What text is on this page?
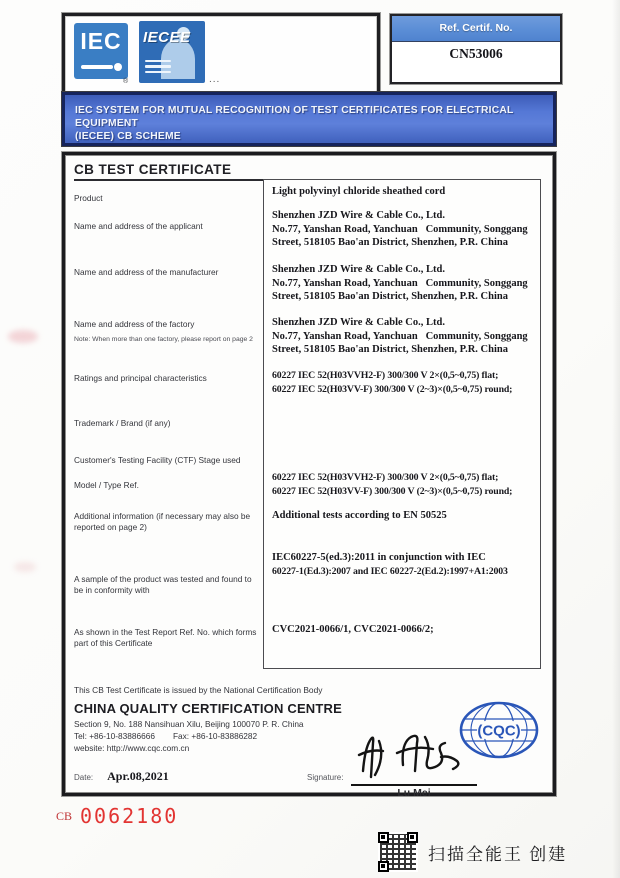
IEC
®
IECEE
...
Ref. Certif. No.
CN53006
IEC SYSTEM FOR MUTUAL RECOGNITION OF TEST CERTIFICATES FOR ELECTRICAL EQUIPMENT
(IECEE) CB SCHEME
CB TEST CERTIFICATE
Product
Name and address of the applicant
Name and address of the manufacturer
Name and address of the factory
Note: When more than one factory, please report on page 2
Ratings and principal characteristics
Trademark / Brand (if any)
Customer's Testing Facility (CTF) Stage used
Model / Type Ref.
Additional information (if necessary may also be reported on page 2)
A sample of the product was tested and found to be in conformity with
As shown in the Test Report Ref. No. which forms part of this Certificate
Light polyvinyl chloride sheathed cord
Shenzhen JZD Wire & Cable Co., Ltd.
No.77, Yanshan Road, Yanchuan   Community, Songgang
Street, 518105 Bao'an District, Shenzhen, P.R. China
Shenzhen JZD Wire & Cable Co., Ltd.
No.77, Yanshan Road, Yanchuan   Community, Songgang
Street, 518105 Bao'an District, Shenzhen, P.R. China
Shenzhen JZD Wire & Cable Co., Ltd.
No.77, Yanshan Road, Yanchuan   Community, Songgang
Street, 518105 Bao'an District, Shenzhen, P.R. China
60227 IEC 52(H03VVH2-F) 300/300 V 2×(0,5~0,75) flat;
60227 IEC 52(H03VV-F) 300/300 V (2~3)×(0,5~0,75) round;
60227 IEC 52(H03VVH2-F) 300/300 V 2×(0,5~0,75) flat;
60227 IEC 52(H03VV-F) 300/300 V (2~3)×(0,5~0,75) round;
Additional tests according to EN 50525
IEC60227-5(ed.3):2011 in conjunction with IEC
60227-1(Ed.3):2007 and IEC 60227-2(Ed.2):1997+A1:2003
CVC2021-0066/1, CVC2021-0066/2;
This CB Test Certificate is issued by the National Certification Body
CHINA QUALITY CERTIFICATION CENTRE
Section 9, No. 188 Nansihuan Xilu, Beijing 100070 P. R. China
Tel: +86-10-83886666 Fax: +86-10-83886282
website: http://www.cqc.com.cn
(CQC)
Date: Apr.08,2021	Signature:
Lu Mei
CB 0062180
扫描全能王 创建
